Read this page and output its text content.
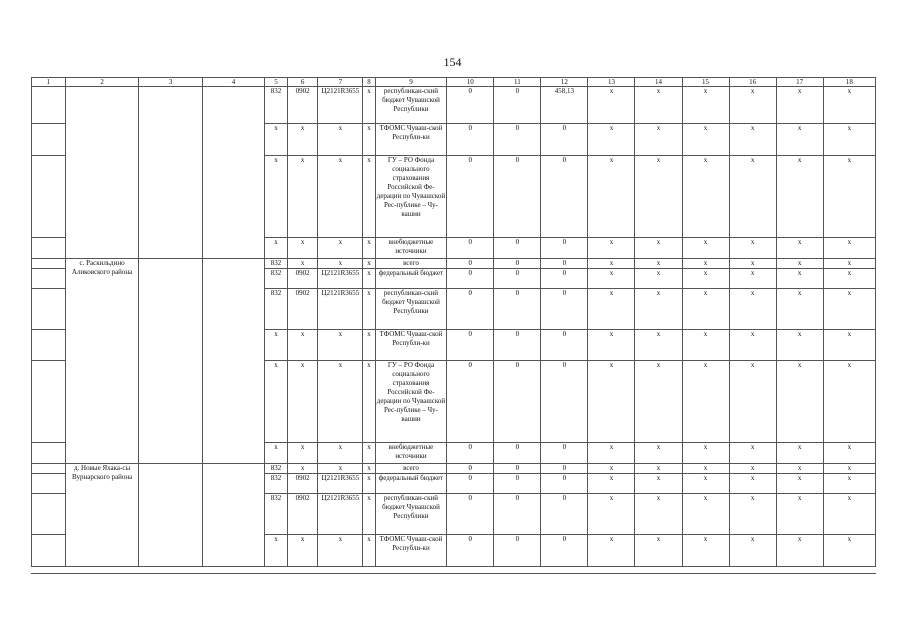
154
1	2	3	4	5	6	7	8	9	10	11	12	13	14	15	16	17	18
				832	0902	Ц2121R3655	х	республикан-ский бюджет Чувашской Республики	0	0	458,13	х	х	х	х	х	х
				х	х	х	х	ТФОМС Чуваш-ской Республи-ки	0	0	0	х	х	х	х	х	х
				х	х	х	х	ГУ – РО Фонда социального страхования Российской Фе-дерации по Чувашской Рес-публике – Чу-вашии	0	0	0	х	х	х	х	х	х
				х	х	х	х	внебюджетные источники	0	0	0	х	х	х	х	х	х
	с. Раскильдино Аликовского района			832	х	х	х	всего	0	0	0	х	х	х	х	х	х
				832	0902	Ц2121R3655	х	федеральный бюджет	0	0	0	х	х	х	х	х	х
				832	0902	Ц2121R3655	х	республикан-ский бюджет Чувашской Республики	0	0	0	х	х	х	х	х	х
				х	х	х	х	ТФОМС Чуваш-ской Республи-ки	0	0	0	х	х	х	х	х	х
				х	х	х	х	ГУ – РО Фонда социального страхования Российской Фе-дерации по Чувашской Рес-публике – Чу-вашии	0	0	0	х	х	х	х	х	х
				х	х	х	х	внебюджетные источники	0	0	0	х	х	х	х	х	х
	д. Новые Яхака-сы Вурнарского района			832	х	х	х	всего	0	0	0	х	х	х	х	х	х
				832	0902	Ц2121R3655	х	федеральный бюджет	0	0	0	х	х	х	х	х	х
				832	0902	Ц2121R3655	х	республикан-ский бюджет Чувашской Республики	0	0	0	х	х	х	х	х	х
				х	х	х	х	ТФОМС Чуваш-ской Республи-ки	0	0	0	х	х	х	х	х	х
